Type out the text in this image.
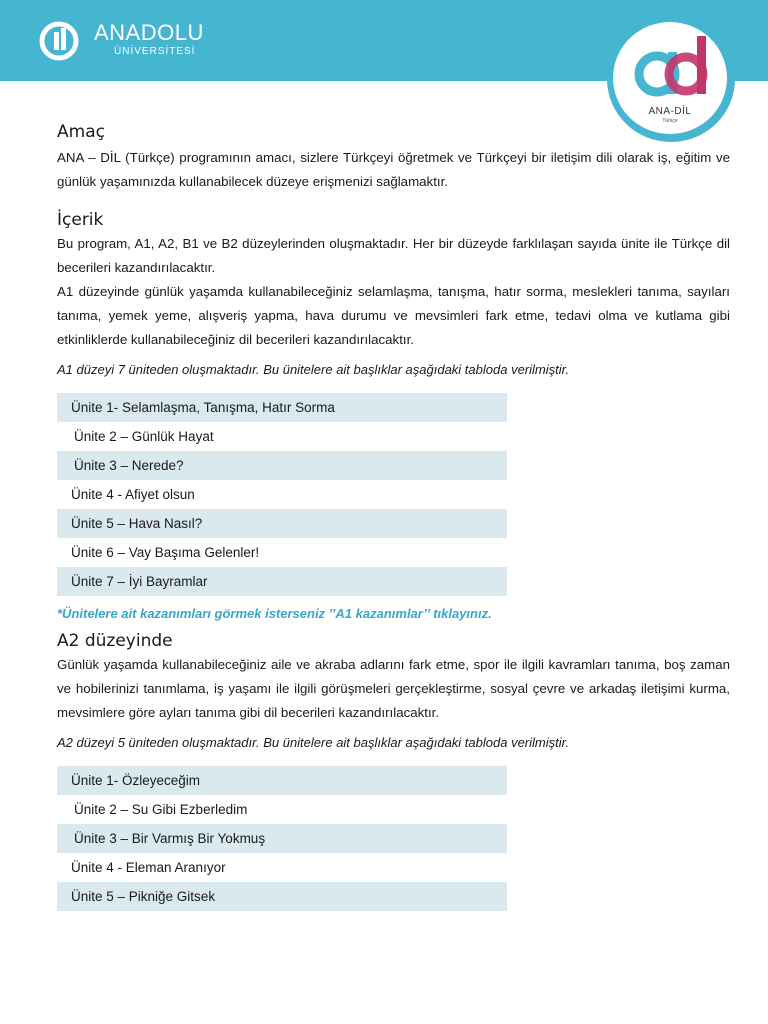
ANADOLU
ÜNİVERSİTESİ
ANA-DİL
Türkçe
Amaç

ANA – DİL (Türkçe) programının amacı, sizlere Türkçeyi öğretmek ve Türkçeyi bir iletişim dili olarak iş, eğitim ve günlük yaşamınızda kullanabilecek düzeye erişmenizi sağlamaktır.

İçerik

Bu program, A1, A2, B1 ve B2 düzeylerinden oluşmaktadır. Her bir düzeyde farklılaşan sayıda ünite ile Türkçe dil becerileri kazandırılacaktır.

A1 düzeyinde günlük yaşamda kullanabileceğiniz selamlaşma, tanışma, hatır sorma, meslekleri tanıma, sayıları tanıma, yemek yeme, alışveriş yapma, hava durumu ve mevsimleri fark etme, tedavi olma ve kutlama gibi etkinliklerde kullanabileceğiniz dil becerileri kazandırılacaktır.

A1 düzeyi 7 üniteden oluşmaktadır. Bu ünitelere ait başlıklar aşağıdaki tabloda verilmiştir.

Ünite 1- Selamlaşma, Tanışma, Hatır Sorma
Ünite 2 – Günlük Hayat
Ünite 3 – Nerede?
Ünite 4 - Afiyet olsun
Ünite 5 – Hava Nasıl?
Ünite 6 – Vay Başıma Gelenler!
Ünite 7 – İyi Bayramlar

*Ünitelere ait kazanımları görmek isterseniz ’’A1 kazanımlar’’ tıklayınız.

A2 düzeyinde

Günlük yaşamda kullanabileceğiniz aile ve akraba adlarını fark etme, spor ile ilgili kavramları tanıma, boş zaman ve hobilerinizi tanımlama, iş yaşamı ile ilgili görüşmeleri gerçekleştirme, sosyal çevre ve arkadaş iletişimi kurma, mevsimlere göre ayları tanıma gibi dil becerileri kazandırılacaktır.

A2 düzeyi 5 üniteden oluşmaktadır. Bu ünitelere ait başlıklar aşağıdaki tabloda verilmiştir.

Ünite 1- Özleyeceğim
Ünite 2 – Su Gibi Ezberledim
Ünite 3 – Bir Varmış Bir Yokmuş
Ünite 4 - Eleman Aranıyor
Ünite 5 – Pikniğe Gitsek
